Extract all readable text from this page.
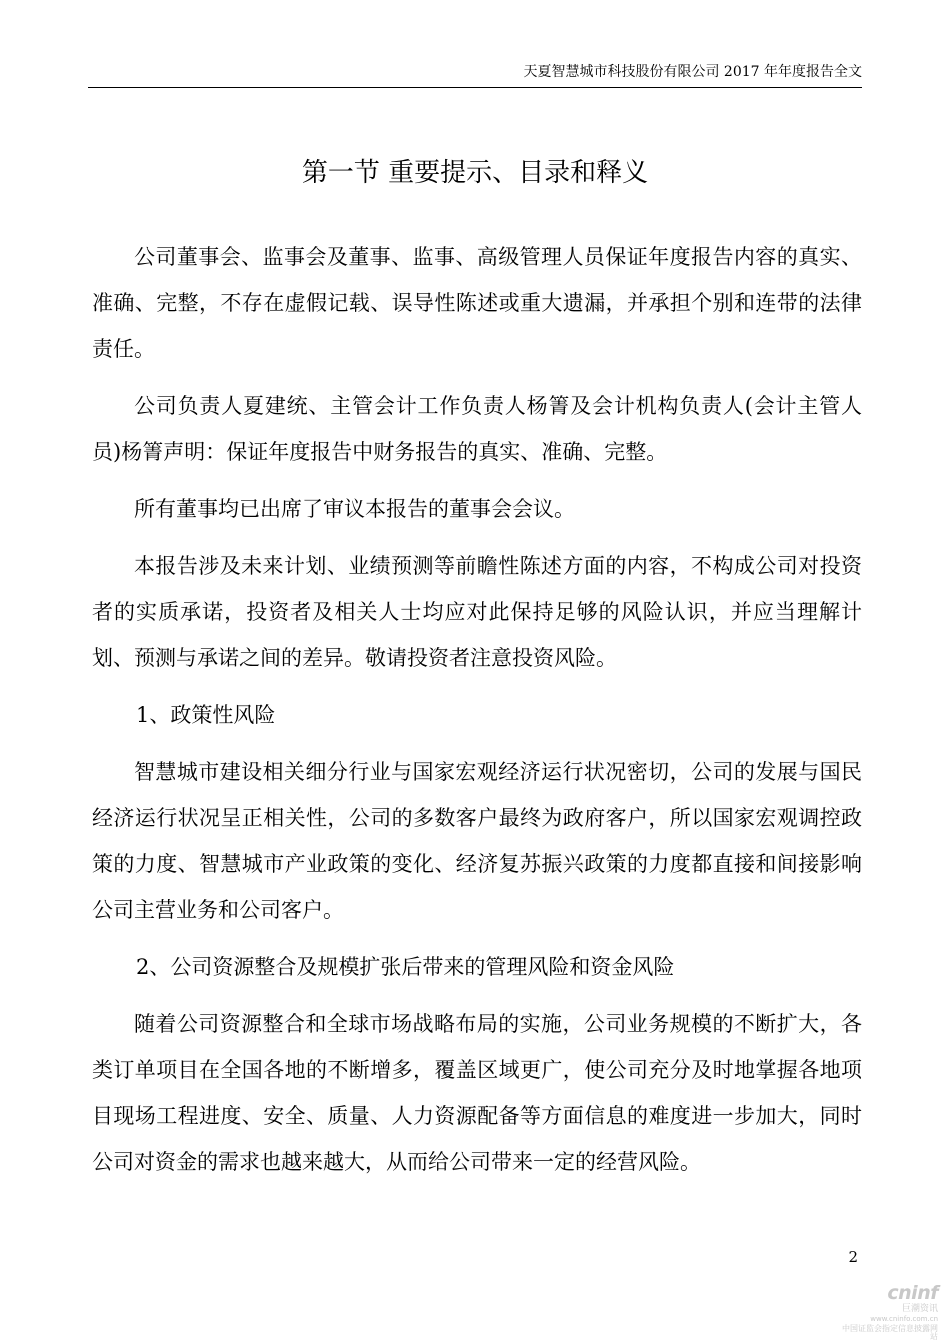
天夏智慧城市科技股份有限公司 2017 年年度报告全文
第一节 重要提示、目录和释义

公司董事会、监事会及董事、监事、高级管理人员保证年度报告内容的真实、准确、完整，不存在虚假记载、误导性陈述或重大遗漏，并承担个别和连带的法律责任。

公司负责人夏建统、主管会计工作负责人杨箐及会计机构负责人(会计主管人员)杨箐声明：保证年度报告中财务报告的真实、准确、完整。

所有董事均已出席了审议本报告的董事会会议。

本报告涉及未来计划、业绩预测等前瞻性陈述方面的内容，不构成公司对投资者的实质承诺，投资者及相关人士均应对此保持足够的风险认识，并应当理解计划、预测与承诺之间的差异。敬请投资者注意投资风险。

1、政策性风险

智慧城市建设相关细分行业与国家宏观经济运行状况密切，公司的发展与国民经济运行状况呈正相关性，公司的多数客户最终为政府客户，所以国家宏观调控政策的力度、智慧城市产业政策的变化、经济复苏振兴政策的力度都直接和间接影响公司主营业务和公司客户。

2、公司资源整合及规模扩张后带来的管理风险和资金风险

随着公司资源整合和全球市场战略布局的实施，公司业务规模的不断扩大，各类订单项目在全国各地的不断增多，覆盖区域更广，使公司充分及时地掌握各地项目现场工程进度、安全、质量、人力资源配备等方面信息的难度进一步加大，同时公司对资金的需求也越来越大，从而给公司带来一定的经营风险。

2
cninf
巨潮资讯
www.cninfo.com.cn
中国证监会指定信息披露网站
